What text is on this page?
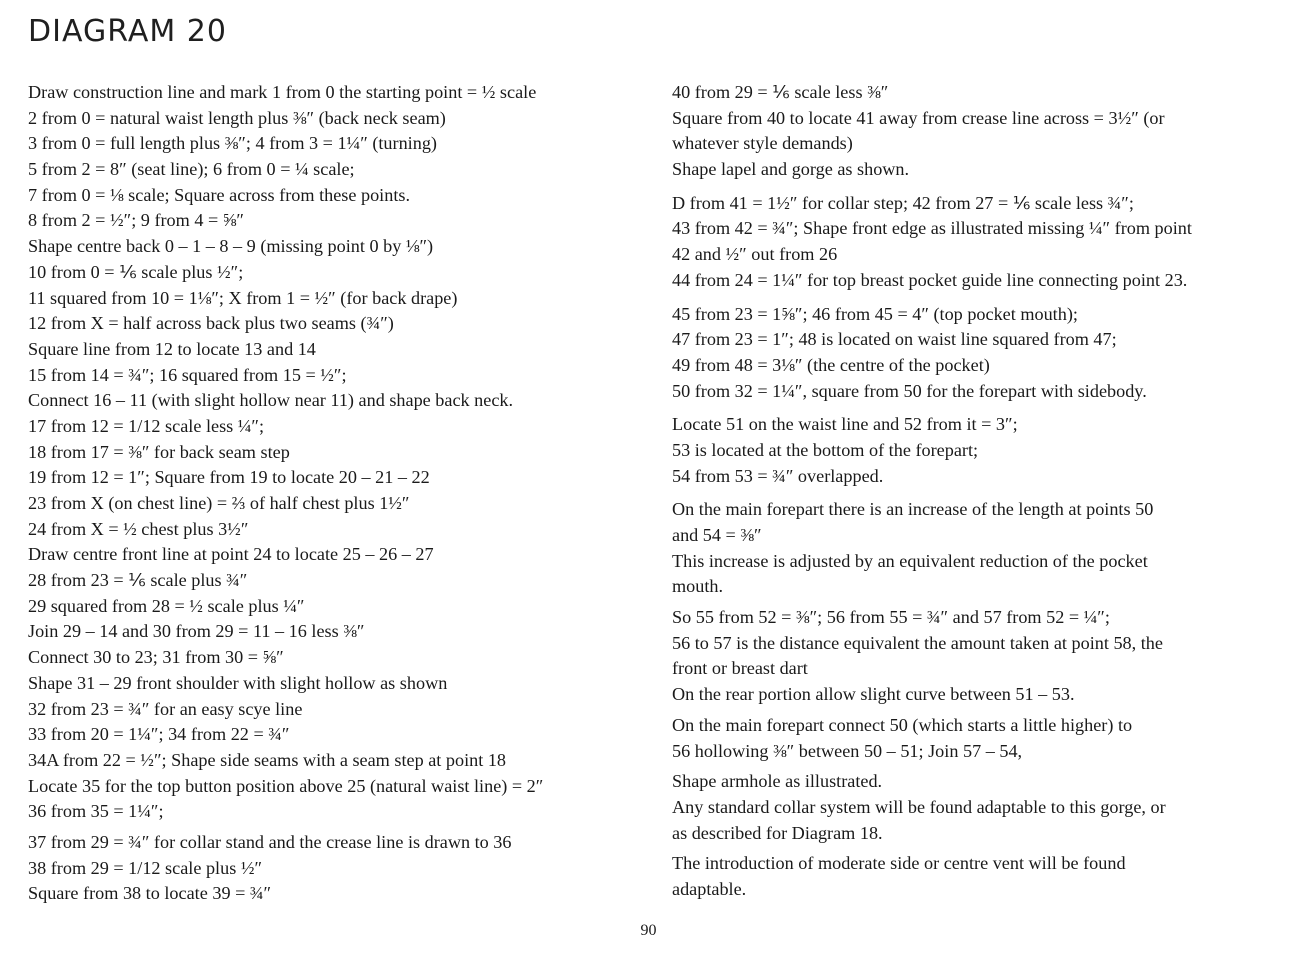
DIAGRAM 20

Draw construction line and mark 1 from 0 the starting point = ½ scale

2 from 0 = natural waist length plus ⅜″ (back neck seam)

3 from 0 = full length plus ⅜″; 4 from 3 = 1¼″ (turning)

5 from 2 = 8″ (seat line); 6 from 0 = ¼ scale;

7 from 0 = ⅛ scale; Square across from these points.

8 from 2 = ½″; 9 from 4 = ⅝″

Shape centre back 0 – 1 – 8 – 9 (missing point 0 by ⅛″)

10 from 0 = ⅙ scale plus ½″;

11 squared from 10 = 1⅛″; X from 1 = ½″ (for back drape)

12 from X = half across back plus two seams (¾″)

Square line from 12 to locate 13 and 14

15 from 14 = ¾″; 16 squared from 15 = ½″;

Connect 16 – 11 (with slight hollow near 11) and shape back neck.

17 from 12 = 1/12 scale less ¼″;

18 from 17 = ⅜″ for back seam step

19 from 12 = 1″; Square from 19 to locate 20 – 21 – 22

23 from X (on chest line) = ⅔ of half chest plus 1½″

24 from X = ½ chest plus 3½″

Draw centre front line at point 24 to locate 25 – 26 – 27

28 from 23 = ⅙ scale plus ¾″

29 squared from 28 = ½ scale plus ¼″

Join 29 – 14 and 30 from 29 = 11 – 16 less ⅜″

Connect 30 to 23; 31 from 30 = ⅝″

Shape 31 – 29 front shoulder with slight hollow as shown

32 from 23 = ¾″ for an easy scye line

33 from 20 = 1¼″; 34 from 22 = ¾″

34A from 22 = ½″; Shape side seams with a seam step at point 18

Locate 35 for the top button position above 25 (natural waist line) = 2″

36 from 35 = 1¼″;

37 from 29 = ¾″ for collar stand and the crease line is drawn to 36

38 from 29 = 1/12 scale plus ½″

Square from 38 to locate 39 = ¾″

40 from 29 = ⅙ scale less ⅜″

Square from 40 to locate 41 away from crease line across = 3½″ (or

whatever style demands)

Shape lapel and gorge as shown.

D from 41 = 1½″ for collar step; 42 from 27 = ⅙ scale less ¾″;

43 from 42 = ¾″; Shape front edge as illustrated missing ¼″ from point

42 and ½″ out from 26

44 from 24 = 1¼″ for top breast pocket guide line connecting point 23.

45 from 23 = 1⅝″; 46 from 45 = 4″ (top pocket mouth);

47 from 23 = 1″; 48 is located on waist line squared from 47;

49 from 48 = 3⅛″ (the centre of the pocket)

50 from 32 = 1¼″, square from 50 for the forepart with sidebody.

Locate 51 on the waist line and 52 from it = 3″;

53 is located at the bottom of the forepart;

54 from 53 = ¾″ overlapped.

On the main forepart there is an increase of the length at points 50

and 54 = ⅜″

This increase is adjusted by an equivalent reduction of the pocket

mouth.

So 55 from 52 = ⅜″; 56 from 55 = ¾″ and 57 from 52 = ¼″;

56 to 57 is the distance equivalent the amount taken at point 58, the

front or breast dart

On the rear portion allow slight curve between 51 – 53.

On the main forepart connect 50 (which starts a little higher) to

56 hollowing ⅜″ between 50 – 51; Join 57 – 54,

Shape armhole as illustrated.

Any standard collar system will be found adaptable to this gorge, or

as described for Diagram 18.

The introduction of moderate side or centre vent will be found

adaptable.

90
